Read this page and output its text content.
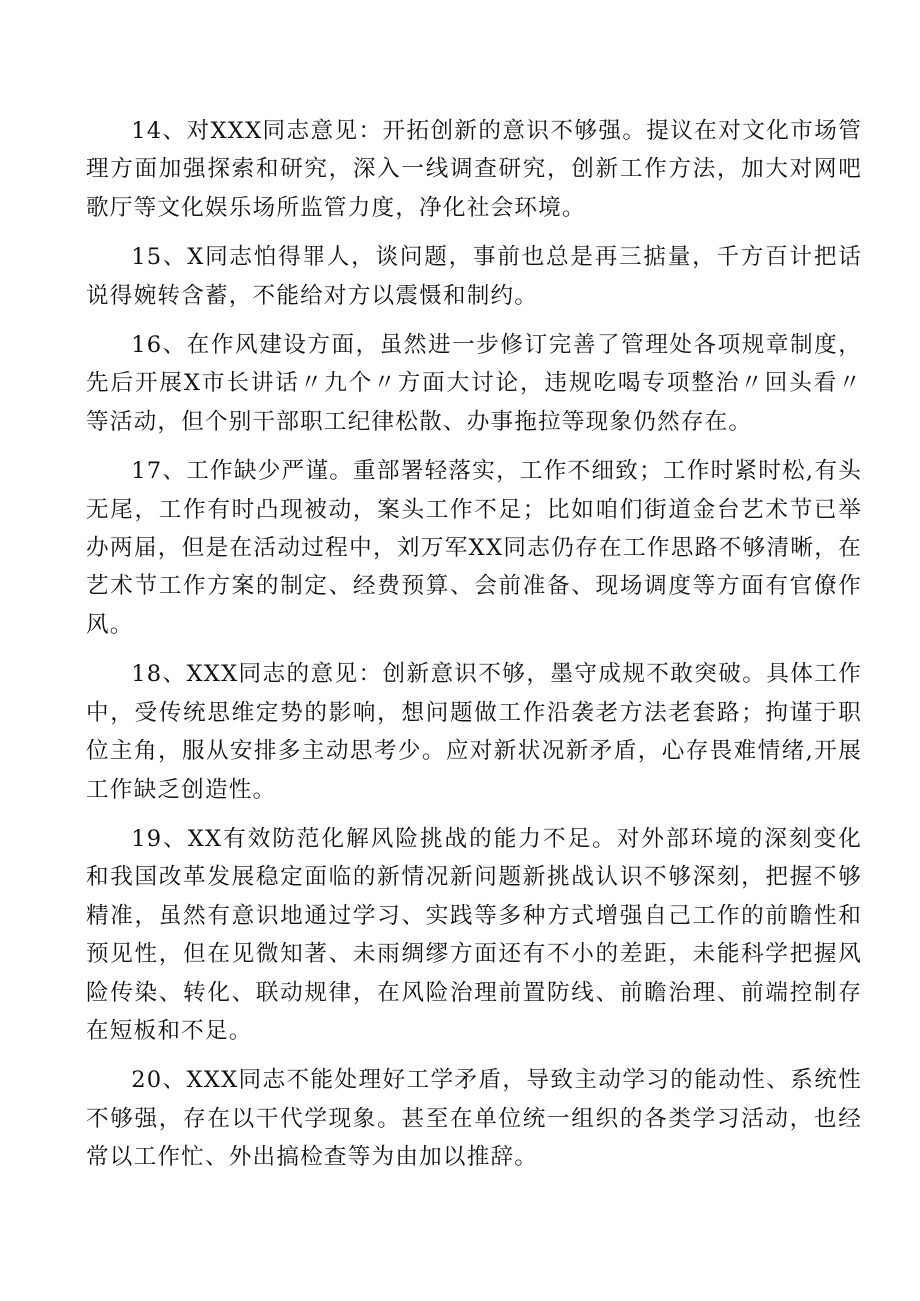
14、对XXX同志意见：开拓创新的意识不够强。提议在对文化市场管理方面加强探索和研究，深入一线调查研究，创新工作方法，加大对网吧歌厅等文化娱乐场所监管力度，净化社会环境。

15、X同志怕得罪人，谈问题，事前也总是再三掂量，千方百计把话说得婉转含蓄，不能给对方以震慑和制约。

16、在作风建设方面，虽然进一步修订完善了管理处各项规章制度，先后开展X市长讲话〃九个〃方面大讨论，违规吃喝专项整治〃回头看〃等活动，但个别干部职工纪律松散、办事拖拉等现象仍然存在。

17、工作缺少严谨。重部署轻落实，工作不细致；工作时紧时松,有头无尾，工作有时凸现被动，案头工作不足；比如咱们街道金台艺术节已举办两届，但是在活动过程中，刘万军XX同志仍存在工作思路不够清晰，在艺术节工作方案的制定、经费预算、会前准备、现场调度等方面有官僚作风。

18、XXX同志的意见：创新意识不够，墨守成规不敢突破。具体工作中，受传统思维定势的影响，想问题做工作沿袭老方法老套路；拘谨于职位主角，服从安排多主动思考少。应对新状况新矛盾，心存畏难情绪,开展工作缺乏创造性。

19、XX有效防范化解风险挑战的能力不足。对外部环境的深刻变化和我国改革发展稳定面临的新情况新问题新挑战认识不够深刻，把握不够精准，虽然有意识地通过学习、实践等多种方式增强自己工作的前瞻性和预见性，但在见微知著、未雨绸缪方面还有不小的差距，未能科学把握风险传染、转化、联动规律，在风险治理前置防线、前瞻治理、前端控制存在短板和不足。

20、XXX同志不能处理好工学矛盾，导致主动学习的能动性、系统性不够强，存在以干代学现象。甚至在单位统一组织的各类学习活动，也经常以工作忙、外出搞检查等为由加以推辞。
